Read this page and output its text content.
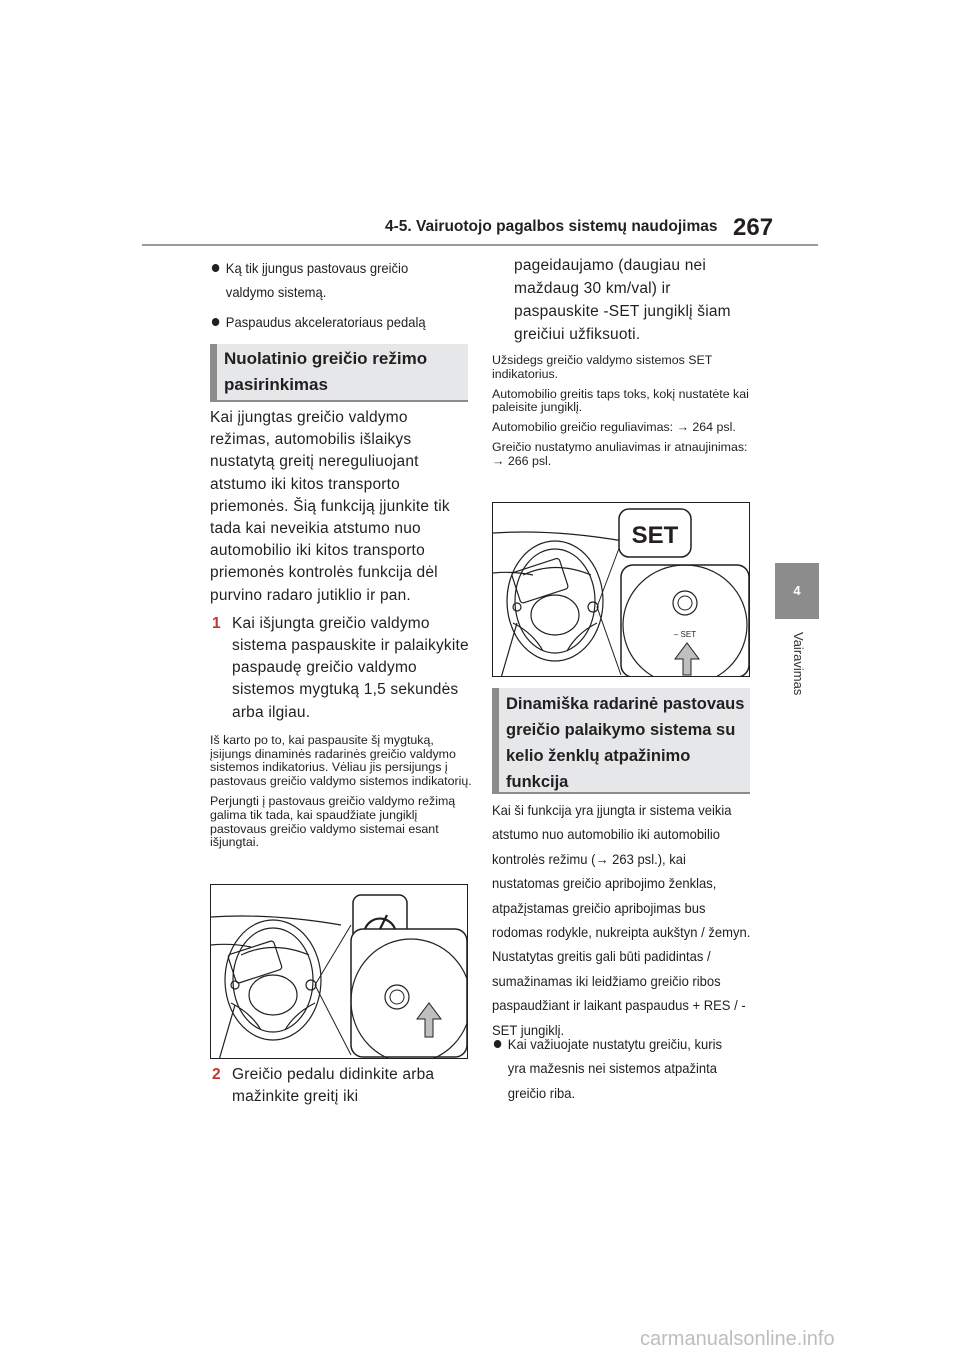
4-5. Vairuotojo pagalbos sistemų naudojimas 267
4
Vairavimas
Ką tik įjungus pastovaus greičio valdymo sistemą.
Paspaudus akceleratoriaus pedalą
Nuolatinio greičio režimo pasirinkimas
Kai įjungtas greičio valdymo režimas, automobilis išlaikys nustatytą greitį nereguliuojant atstumo iki kitos transporto priemonės. Šią funkciją įjunkite tik tada kai neveikia atstumo nuo automobilio iki kitos transporto priemonės kontrolės funkcija dėl purvino radaro jutiklio ir pan.
1 Kai išjungta greičio valdymo sistema paspauskite ir palaikykite paspaudę greičio valdymo sistemos mygtuką 1,5 sekundės arba ilgiau.
Iš karto po to, kai paspausite šį mygtuką, įsijungs dinaminės radarinės greičio valdymo sistemos indikatorius. Vėliau jis persijungs į pastovaus greičio valdymo sistemos indikatorių.
Perjungti į pastovaus greičio valdymo režimą galima tik tada, kai spaudžiate jungiklį pastovaus greičio valdymo sistemai esant išjungtai.
2 Greičio pedalu didinkite arba mažinkite greitį iki
pageidaujamo (daugiau nei maždaug 30 km/val) ir paspauskite -SET jungiklį šiam greičiui užfiksuoti.
Užsidegs greičio valdymo sistemos SET indikatorius.
Automobilio greitis taps toks, kokį nustatėte kai paleisite jungiklį.
Automobilio greičio reguliavimas: → 264 psl.
Greičio nustatymo anuliavimas ir atnaujinimas: → 266 psl.
SET
– SET
Dinamiška radarinė pastovaus greičio palaikymo sistema su kelio ženklų atpažinimo funkcija
Kai ši funkcija yra įjungta ir sistema veikia atstumo nuo automobilio iki automobilio kontrolės režimu (→ 263 psl.), kai nustatomas greičio apribojimo ženklas, atpažįstamas greičio apribojimas bus rodomas rodykle, nukreipta aukštyn / žemyn. Nustatytas greitis gali būti padidintas / sumažinamas iki leidžiamo greičio ribos paspaudžiant ir laikant paspaudus + RES / - SET jungiklį.
Kai važiuojate nustatytu greičiu, kuris yra mažesnis nei sistemos atpažinta greičio riba.
carmanualsonline.info
